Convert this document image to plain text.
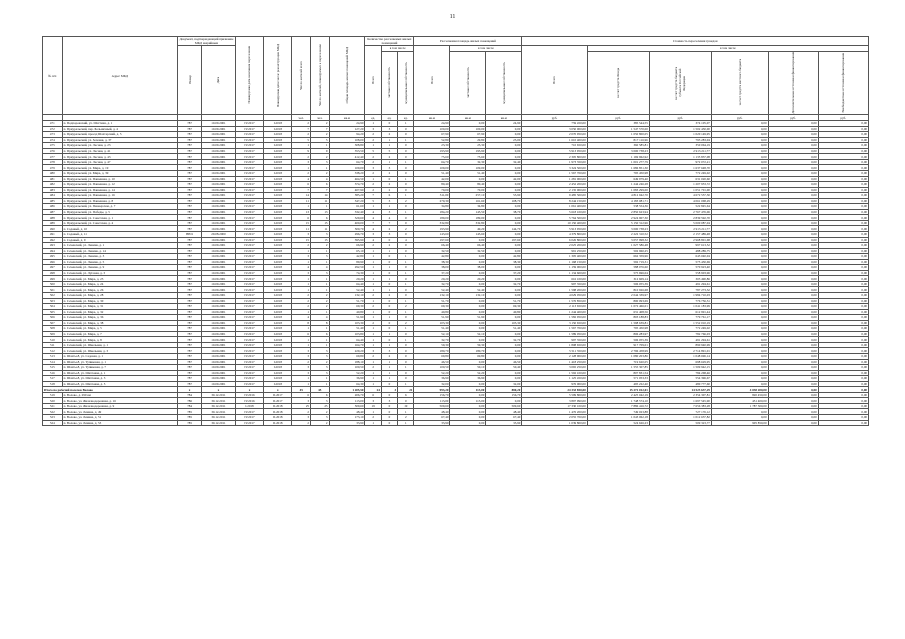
11
№ п/п	Адрес МКД	Документ, подтверждающий признание МКД аварийным		Планируемая дата окончания переселения	Планируемая дата сноса/ реконструкции МКД	Число жителей всего	Число жителей, планируемых к переселению	Общая площадь жилых помещений МКД	Количество расселяемых жилых помещений			Расселяемая площадь жилых помещений			Стоимость переселения граждан					
		Номер	Дата						Всего	в том числе		Всего	в том числе		Всего	в том числе				
										частная собственность	муниципальная собственность		частная собственность	муниципальная собственность		за счет средств Фонда	за счет средств бюджета субъекта Российской Федерации	за счет средств местного бюджета	Дополнительные источники финансирования	Внебюджетные источники финансирования
						чел.	чел.	кв.м	ед.	ед.	ед.	кв.м	кв.м	кв.м	руб.	руб.	руб.	руб.	руб.	руб.
471	п. Подпорожский, ул. Шоттиан, д. 1	787	10.09.2001	IV.2017	I.2018	2	2	24,90	1	0	1	24,90	0,00	24,90	759 450,00	385 544,55	374 105,07	0,00	0,00	0,00
472	п. Приуральский, пер. Больничный, д. 4	787	10.09.2001	IV.2017	I.2018	7	7	127,20	3	3	0	100,00	100,00	0,00	3 050 000,00	1 547 570,00	1 502 430,00	0,00	0,00	0,00
473	п. Приуральский, проезд Шахтерский, д. 5	787	10.09.2001	IV.2017	I.2018	2	2	94,20	2	2	0	67,90	67,90	0,00	2 070 950,00	1 050 800,05	1 020 149,95	0,00	0,00	0,00
474	п. Приуральский, ул. Зеленая, д. 37	787	10.09.2001	IV.2017	I.2018	5	5	108,00	2	1	1	52,80	29,80	23,00	1 610 400,00	817 116,96	793 283,04	0,00	0,00	0,00
475	п. Приуральский, ул. Лесная, д. 23	787	10.09.2001	IV.2017	I.2018	1	1	308,80	1	1	0	23,30	23,30	0,00	710 650,00	360 585,81	350 064,19	0,00	0,00	0,00
476	п. Приуральский, ул. Лесная, д. 41	787	10.09.2001	IV.2017	I.2018	9	9	353,50	5	5	0	193,90	193,90	0,00	5 913 950,00	3 000 738,23	2 913 211,77	0,00	0,00	0,00
477	п. Приуральский, ул. Лесная, д. 43	787	10.09.2001	IV.2017	I.2018	2	2	412,40	2	2	0	75,60	75,60	0,00	2 305 800,00	1 169 962,92	1 135 837,08	0,00	0,00	0,00
478	п. Приуральский, ул. Лесная, д. 47	787	10.09.2001	IV.2017	I.2018	3	3	64,70	2	1	1	64,70	32,30	32,40	1 973 350,00	1 001 277,79	972 072,21	0,00	0,00	0,00
479	п. Приуральский, ул. Мира, д. 19	787	10.09.2001	IV.2017	I.2018	1	1	109,00	3	3	0	109,00	109,00	0,00	3 324 500,00	1 686 851,30	1 637 648,70	0,00	0,00	0,00
480	п. Приуральский, ул. Мира, д. 39	787	10.09.2001	IV.2017	I.2018	2	2	338,20	2	2	0	51,40	51,40	0,00	1 567 700,00	795 450,98	772 249,02	0,00	0,00	0,00
481	п. Приуральский, ул. Пашенная, д. 10	787	10.09.2001	IV.2017	I.2018	4	4	464,50	1	0	1	42,00	0,00	42,00	1 281 000,00	649 979,40	631 020,60	0,00	0,00	0,00
482	п. Приуральский, ул. Пашенная, д. 12	787	10.09.2001	IV.2017	I.2018	6	6	374,70	2	2	0	80,40	80,40	0,00	2 452 200,00	1 244 246,28	1 207 953,72	0,00	0,00	0,00
483	п. Приуральский, ул. Пашенная, д. 14	787	10.09.2001	IV.2017	I.2018	7	7	407,90	2	2	0	70,00	70,00	0,00	2 135 000,00	1 083 299,00	1 051 701,00	0,00	0,00	0,00
484	п. Приуральский, ул. Пашенная, д. 16	787	10.09.2001	IV.2017	I.2018	14	14	585,20	7	6	1	311,00	257,10	53,90	9 485 500,00	4 812 942,70	4 672 557,30	0,00	0,00	0,00
485	п. Приуральский, ул. Пашенная, д. 8	787	10.09.2001	IV.2017	I.2018	11	11	347,20	5	3	2	270,30	161,60	108,70	8 244 150,00	4 183 081,71	4 061 068,29	0,00	0,00	0,00
486	п. Приуральский, ул. Пионерская, д. 7	787	10.09.2001	IV.2017	I.2018	1	1	61,60	1	1	0	34,80	34,80	0,00	1 061 400,00	538 554,36	522 845,64	0,00	0,00	0,00
487	п. Приуральский, ул. Победы, д. 5	787	10.09.2001	IV.2017	I.2018	13	13	332,40	4	3	1	184,20	145,50	38,70	5 618 100,00	2 850 623,94	2 767 476,06	0,00	0,00	0,00
488	п. Приуральский, ул. Советская, д. 1	787	10.09.2001	IV.2017	I.2018	6	6	329,60	4	4	0	189,00	189,00	0,00	5 764 500,00	2 924 907,30	2 839 592,70	0,00	0,00	0,00
489	п. Приуральский, ул. Советская, д. 4	787	10.09.2001	IV.2017	I.2018	15	15	400,00	7	7	0	332,80	332,80	0,00	10 150 400,00	5 150 312,96	5 000 087,04	0,00	0,00	0,00
490	п. Садовый, д. 10	787	10.09.2001	IV.2017	I.2018	11	11	500,70	4	2	2	193,90	49,20	144,70	5 913 950,00	3 000 738,23	2 913 211,77	0,00	0,00	0,00
491	п. Садовый, д. 11	ВЮ1	29.08.2000	IV.2017	I.2018	3	3	296,70	3	3	0	143,60	143,60	0,00	4 379 800,00	2 222 310,52	2 157 489,48	0,00	0,00	0,00
492	п. Садовый, д. 9	787	10.09.2001	IV.2017	I.2018	15	15	395,90	4	0	4	197,60	0,00	197,60	6 026 800,00	3 057 998,32	2 968 801,68	0,00	0,00	0,00
493	п. Сеченский, ул. Ленина, д. 1	787	10.09.2001	IV.2017	I.2018	2	2	66,90	2	2	0	66,40	66,40	0,00	2 025 200,00	1 027 586,48	997 613,52	0,00	0,00	0,00
494	п. Сеченский, ул. Ленина, д. 14	787	10.09.2001	IV.2017	I.2018	1	1	65,10	1	1	0	32,50	32,50	0,00	991 250,00	502 960,25	488 289,75	0,00	0,00	0,00
495	п. Сеченский, ул. Ленина, д. 3	787	10.09.2001	IV.2017	I.2018	3	3	42,80	1	0	1	42,80	0,00	42,80	1 305 400,00	662 359,96	643 040,04	0,00	0,00	0,00
496	п. Сеченский, ул. Ленина, д. 5	787	10.09.2001	IV.2017	I.2018	1	1	89,90	1	0	1	38,30	0,00	38,30	1 168 150,00	592 719,31	575 430,69	0,00	0,00	0,00
497	п. Сеченский, ул. Ленина, д. 9	787	10.09.2001	IV.2017	I.2018	4	4	292,50	1	1	0	38,00	38,00	0,00	1 159 000,00	588 076,60	570 923,40	0,00	0,00	0,00
498	п. Сеченский, ул. Луговая, д. 3	787	10.09.2001	IV.2017	I.2018	3	3	74,30	1	0	1	37,20	0,00	37,20	1 134 600,00	575 696,04	558 903,96	0,00	0,00	0,00
499	п. Сеченский, ул. Мира, д. 23	787	10.09.2001	IV.2017	I.2018	1	1	20,20	1	1	0	20,20	20,20	0,00	616 100,00	312 609,14	303 490,86	0,00	0,00	0,00
500	п. Сеченский, ул. Мира, д. 24	787	10.09.2001	IV.2017	I.2018	1	1	64,40	1	0	1	32,70	0,00	32,70	997 350,00	506 055,39	491 294,61	0,00	0,00	0,00
501	п. Сеченский, ул. Мира, д. 26	787	10.09.2001	IV.2017	I.2018	1	1	52,40	1	1	0	52,40	52,40	0,00	1 598 200,00	810 926,68	787 273,32	0,00	0,00	0,00
502	п. Сеченский, ул. Мира, д. 28	787	10.09.2001	IV.2017	I.2018	2	2	132,10	2	2	0	132,10	132,10	0,00	4 029 050,00	2 044 339,97	1 984 710,03	0,00	0,00	0,00
503	п. Сеченский, ул. Мира, д. 30	787	10.09.2001	IV.2017	I.2018	2	2	51,70	1	0	1	51,70	0,00	51,70	1 576 850,00	800 093,69	776 756,31	0,00	0,00	0,00
504	п. Сеченский, ул. Мира, д. 31	787	10.09.2001	IV.2017	I.2018	2	2	69,30	2	0	2	69,30	0,00	69,30	2 113 650,00	1 072 466,01	1 041 183,99	0,00	0,00	0,00
505	п. Сеченский, ул. Мира, д. 32	787	10.09.2001	IV.2017	I.2018	1	1	40,80	1	0	1	40,80	0,00	40,80	1 244 400,00	631 408,56	612 991,44	0,00	0,00	0,00
506	п. Сеченский, ул. Мира, д. 36	787	10.09.2001	IV.2017	I.2018	4	4	51,90	1	1	0	51,90	51,90	0,00	1 582 950,00	803 188,83	779 761,17	0,00	0,00	0,00
507	п. Сеченский, ул. Мира, д. 38	787	10.09.2001	IV.2017	I.2018	8	8	103,30	2	0	2	103,30	0,00	103,30	3 150 650,00	1 598 639,81	1 552 010,19	0,00	0,00	0,00
508	п. Сеченский, ул. Мира, д. 5	787	10.09.2001	IV.2017	I.2018	1	1	51,40	1	0	1	51,40	0,00	51,40	1 567 700,00	795 450,98	772 249,02	0,00	0,00	0,00
509	п. Сеченский, ул. Мира, д. 7	787	10.09.2001	IV.2017	I.2018	6	6	103,80	1	1	0	52,10	52,10	0,00	1 589 050,00	806 283,97	782 766,03	0,00	0,00	0,00
510	п. Сеченский, ул. Мира, д. 8	787	10.09.2001	IV.2017	I.2018	1	1	64,40	1	0	1	32,70	0,00	32,70	997 350,00	506 055,39	491 294,61	0,00	0,00	0,00
511	п. Сеченский, ул. Школьная, д. 1	787	10.09.2001	IV.2017	I.2018	1	1	164,70	1	1	0	59,30	59,30	0,00	1 808 650,00	917 709,01	890 940,99	0,00	0,00	0,00
512	п. Сеченский, ул. Школьная, д. 3	787	10.09.2001	IV.2017	I.2018	3	3	229,20	3	3	0	180,70	180,70	0,00	5 511 350,00	2 796 458,99	2 714 891,01	0,00	0,00	0,00
513	п. Шахты-8, ул. Садовая, д. 1	787	10.09.2001	IV.2017	I.2018	3	3	69,80	2	2	0	69,80	69,80	0,00	2 128 900,00	1 080 203,86	1 048 696,14	0,00	0,00	0,00
514	п. Шахты-8, ул. Тупиковая, д. 1	787	10.09.2001	IV.2017	I.2018	2	2	188,10	1	1	0	46,50	0,00	46,50	1 418 250,00	719 620,05	698 629,95	0,00	0,00	0,00
515	п. Шахты-8, ул. Тупиковая, д. 7	787	10.09.2001	IV.2017	I.2018	3	3	100,50	2	1	1	100,50	50,10	50,40	3 065 250,00	1 555 307,85	1 509 942,15	0,00	0,00	0,00
516	п. Шахты-8, ул. Шахтовая, д. 1	787	10.09.2001	IV.2017	I.2018	3	3	52,20	1	1	0	52,20	52,20	0,00	1 592 100,00	807 831,54	784 268,46	0,00	0,00	0,00
517	п. Шахты-8, ул. Шахтовая, д. 3	787	10.09.2001	IV.2017	I.2018	1	1	36,90	1	1	0	36,90	36,90	0,00	1 125 450,00	571 053,33	554 396,67	0,00	0,00	0,00
518	п. Шахты-8, ул. Шахтовая, д. 5	787	10.09.2001	IV.2017	I.2018	1	1	64,30	1	0	1	32,00	0,00	32,00	976 000,00	495 222,40	480 777,60	0,00	0,00	0,00
Итого по рабочий поселок Волово		x	x	x	x	45	45	1 205,50	24	3	21	993,20	113,00	880,20	24 333 850,00	15 272 012,01	14 523 637,29	4 038 200,00	0,00	0,00
519	п. Волово, д. 290 ям	784	30.12.2011	IV.2016	II.2017	6	6	206,70	6	0	6	156,70	0,00	156,70	5 599 800,00	2 425 042,19	2 354 307,81	820 450,00	0,00	0,00
520	п. Волово, ул. Железнодорожная, д. 16	786	30.12.2011	IV.2016	II.2017	3	3	113,00	3	3	0	113,00	113,00	0,00	3 897 990,00	1 748 574,10	1 697 545,90	451 400,00	0,00	0,00
521	п. Волово, ул. Железнодорожная, д. 9	784	30.12.2011	I.2018	II.2018	25	25	509,60	19	0	19	509,60	0,00	509,60	17 330 100,00	7 886 416,72	7 656 383,28	1 787 300,00	0,00	0,00
522	п. Волово, ул. Ленина, д. 49	785	30.12.2011	IV.2017	II.2018	2	2	48,40	1	0	1	48,40	0,00	48,40	1 476 200,00	749 023,88	727 176,12	0,00	0,00	0,00
523	п. Волово, ул. Ленина, д. 51	785	30.12.2011	IV.2017	II.2018	3	3	173,10	2	0	2	67,40	0,00	67,40	2 055 700,00	1 043 062,18	1 012 637,82	0,00	0,00	0,00
524	п. Волово, ул. Ленина, д. 53	785	30.12.2011	IV.2017	II.2018	2	2	33,90	1	0	1	33,90	0,00	33,90	1 039 800,00	524 626,23	509 323,77	905 850,00	0,00	0,00
